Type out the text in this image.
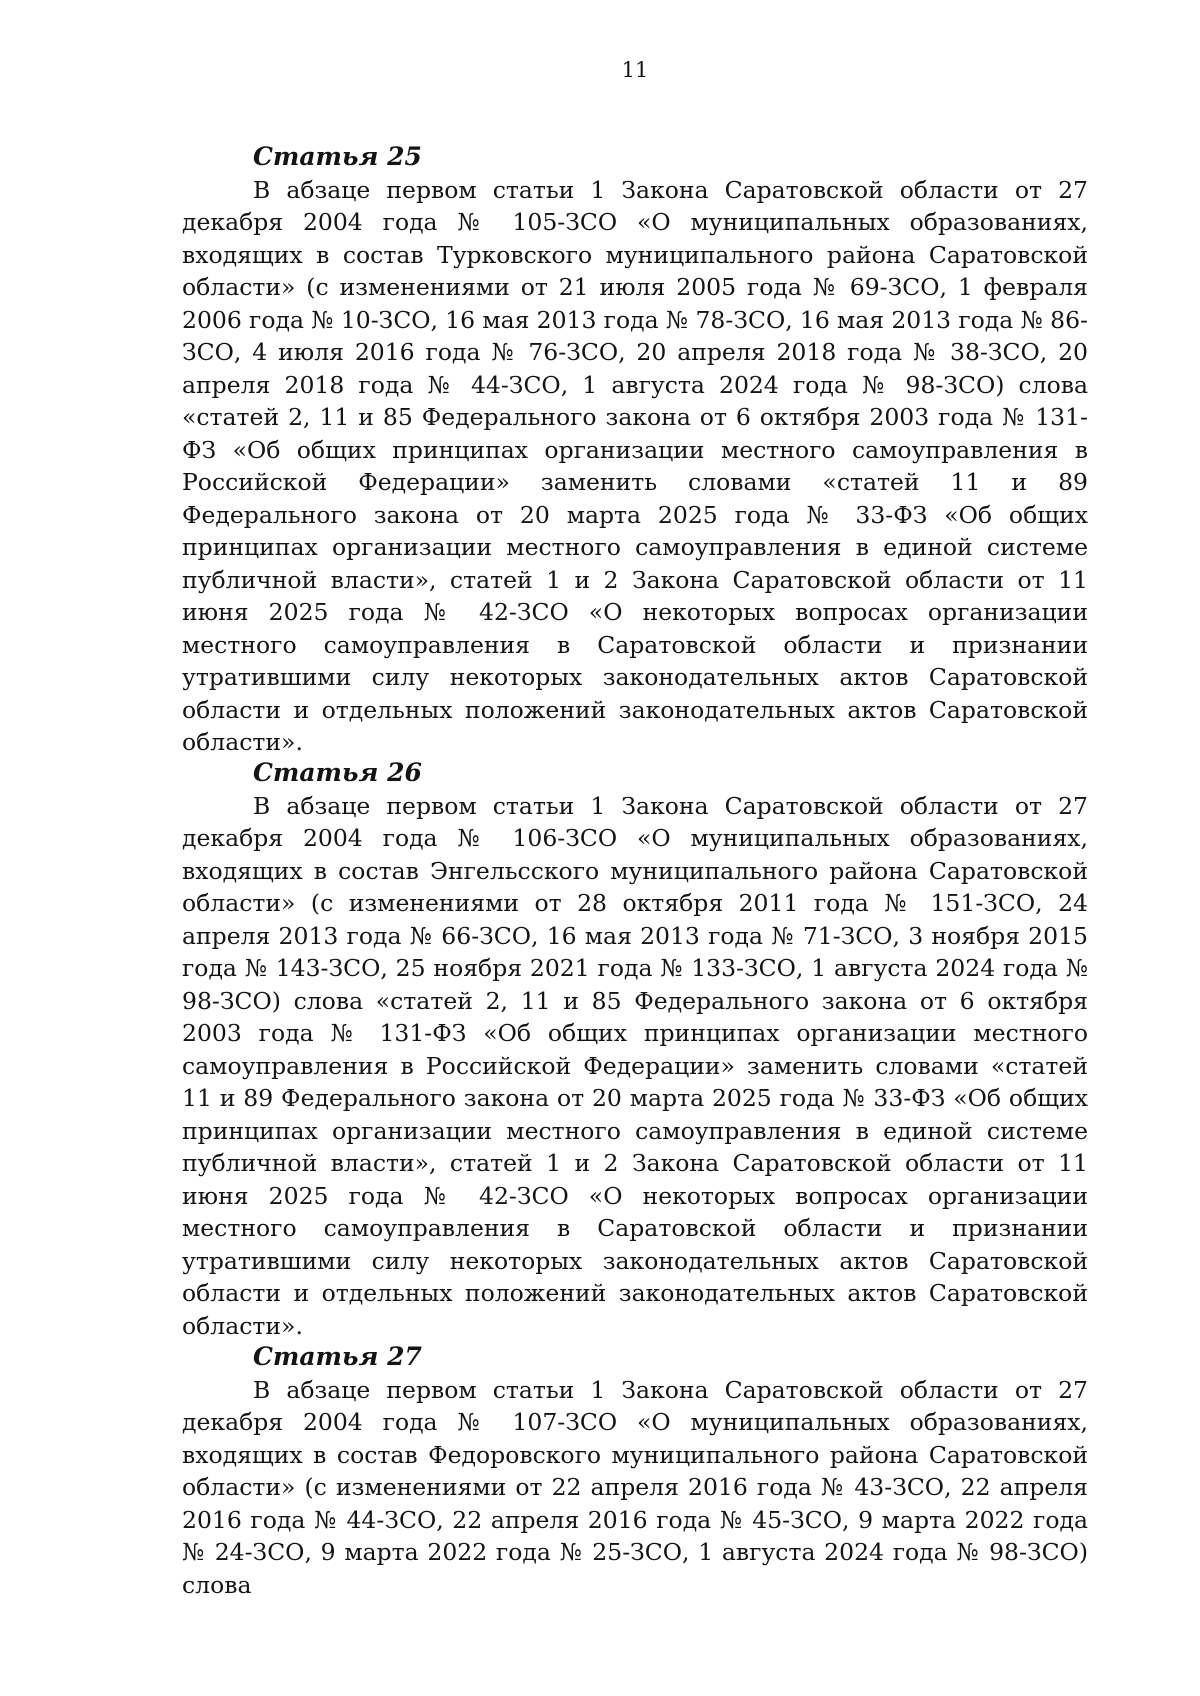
11
Статья 25

В абзаце первом статьи 1 Закона Саратовской области от 27 декабря 2004 года № 105-ЗСО «О муниципальных образованиях, входящих в состав Турковского муниципального района Саратовской области» (с изменениями от 21 июля 2005 года № 69-ЗСО, 1 февраля 2006 года № 10-ЗСО, 16 мая 2013 года № 78-ЗСО, 16 мая 2013 года № 86-ЗСО, 4 июля 2016 года № 76-ЗСО, 20 апреля 2018 года № 38-ЗСО, 20 апреля 2018 года № 44-ЗСО, 1 августа 2024 года № 98-ЗСО) слова «статей 2, 11 и 85 Федерального закона от 6 октября 2003 года № 131-ФЗ «Об общих принципах организации местного самоуправления в Российской Федерации» заменить словами «статей 11 и 89 Федерального закона от 20 марта 2025 года № 33-ФЗ «Об общих принципах организации местного самоуправления в единой системе публичной власти», статей 1 и 2 Закона Саратовской области от 11 июня 2025 года № 42-ЗСО «О некоторых вопросах организации местного самоуправления в Саратовской области и признании утратившими силу некоторых законодательных актов Саратовской области и отдельных положений законодательных актов Саратовской области».

Статья 26

В абзаце первом статьи 1 Закона Саратовской области от 27 декабря 2004 года № 106-ЗСО «О муниципальных образованиях, входящих в состав Энгельсского муниципального района Саратовской области» (с изменениями от 28 октября 2011 года № 151-ЗСО, 24 апреля 2013 года № 66-ЗСО, 16 мая 2013 года № 71-ЗСО, 3 ноября 2015 года № 143-ЗСО, 25 ноября 2021 года № 133-ЗСО, 1 августа 2024 года № 98-ЗСО) слова «статей 2, 11 и 85 Федерального закона от 6 октября 2003 года № 131-ФЗ «Об общих принципах организации местного самоуправления в Российской Федерации» заменить словами «статей 11 и 89 Федерального закона от 20 марта 2025 года № 33-ФЗ «Об общих принципах организации местного самоуправления в единой системе публичной власти», статей 1 и 2 Закона Саратовской области от 11 июня 2025 года № 42-ЗСО «О некоторых вопросах организации местного самоуправления в Саратовской области и признании утратившими силу некоторых законодательных актов Саратовской области и отдельных положений законодательных актов Саратовской области».

Статья 27

В абзаце первом статьи 1 Закона Саратовской области от 27 декабря 2004 года № 107-ЗСО «О муниципальных образованиях, входящих в состав Федоровского муниципального района Саратовской области» (с изменениями от 22 апреля 2016 года № 43-ЗСО, 22 апреля 2016 года № 44-ЗСО, 22 апреля 2016 года № 45-ЗСО, 9 марта 2022 года № 24-ЗСО, 9 марта 2022 года № 25-ЗСО, 1 августа 2024 года № 98-ЗСО) слова
